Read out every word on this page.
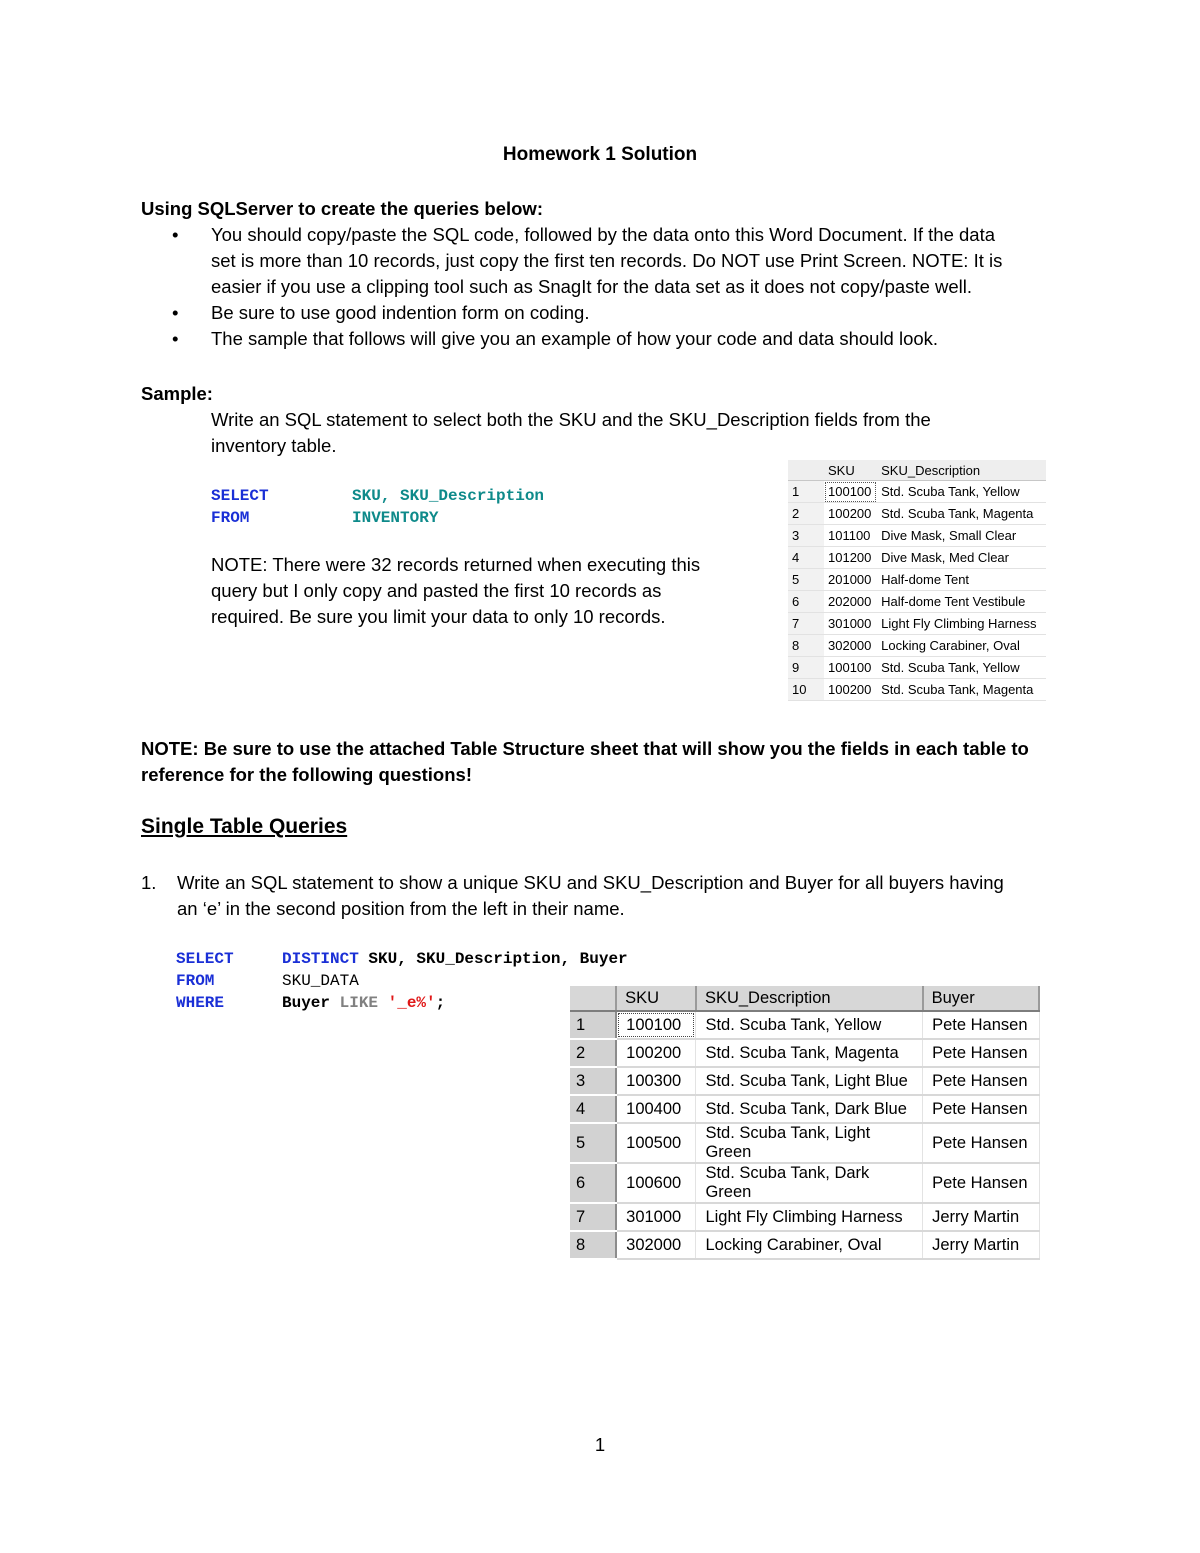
Homework 1 Solution
Using SQLServer to create the queries below:
• You should copy/paste the SQL code, followed by the data onto this Word Document. If the data
set is more than 10 records, just copy the first ten records. Do NOT use Print Screen. NOTE: It is
easier if you use a clipping tool such as SnagIt for the data set as it does not copy/paste well.
• Be sure to use good indention form on coding.
• The sample that follows will give you an example of how your code and data should look.
Sample:
Write an SQL statement to select both the SKU and the SKU_Description fields from the
inventory table.
SELECT	SKU, SKU_Description
FROM	INVENTORY
NOTE: There were 32 records returned when executing this
query but I only copy and pasted the first 10 records as
required. Be sure you limit your data to only 10 records.
	SKU	SKU_Description
1	100100	Std. Scuba Tank, Yellow
2	100200	Std. Scuba Tank, Magenta
3	101100	Dive Mask, Small Clear
4	101200	Dive Mask, Med Clear
5	201000	Half-dome Tent
6	202000	Half-dome Tent Vestibule
7	301000	Light Fly Climbing Harness
8	302000	Locking Carabiner, Oval
9	100100	Std. Scuba Tank, Yellow
10	100200	Std. Scuba Tank, Magenta
NOTE: Be sure to use the attached Table Structure sheet that will show you the fields in each table to
reference for the following questions!
Single Table Queries
1. Write an SQL statement to show a unique SKU and SKU_Description and Buyer for all buyers having
an ‘e’ in the second position from the left in their name.
SELECT	DISTINCT SKU, SKU_Description, Buyer
FROM	SKU_DATA
WHERE	Buyer LIKE '_e%';
		SKU	SKU_Description	Buyer
1	100100	Std. Scuba Tank, Yellow	Pete Hansen
2	100200	Std. Scuba Tank, Magenta	Pete Hansen
3	100300	Std. Scuba Tank, Light Blue	Pete Hansen
4	100400	Std. Scuba Tank, Dark Blue	Pete Hansen
5	100500	Std. Scuba Tank, Light Green	Pete Hansen
6	100600	Std. Scuba Tank, Dark Green	Pete Hansen
7	301000	Light Fly Climbing Harness	Jerry Martin
8	302000	Locking Carabiner, Oval	Jerry Martin
1
